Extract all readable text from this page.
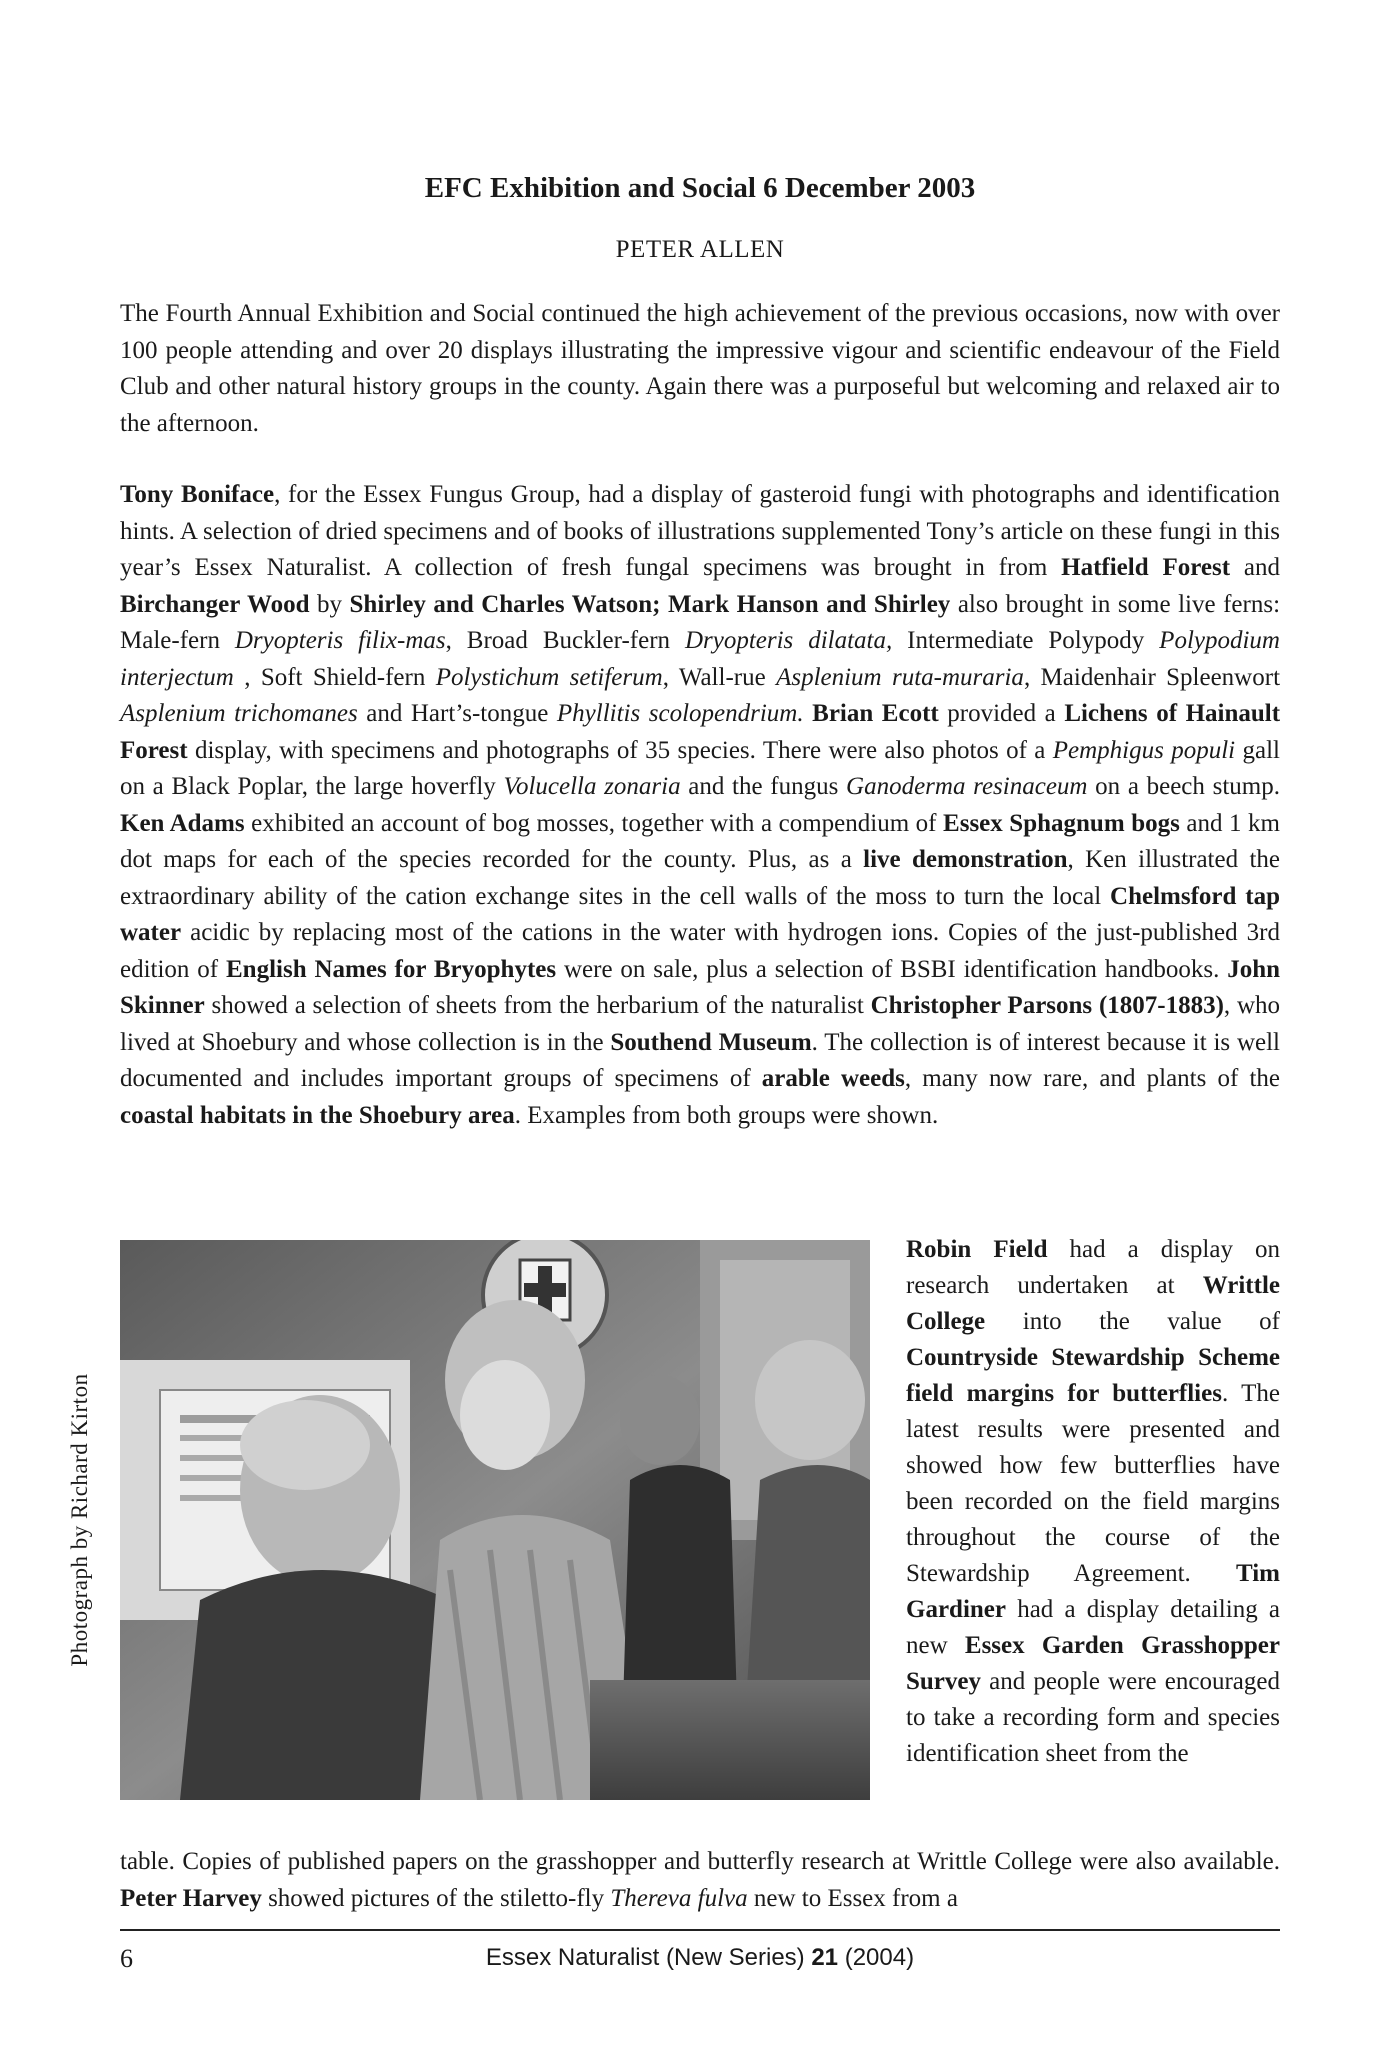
EFC Exhibition and Social 6 December 2003
PETER ALLEN

The Fourth Annual Exhibition and Social continued the high achievement of the previous occasions, now with over 100 people attending and over 20 displays illustrating the impressive vigour and scientific endeavour of the Field Club and other natural history groups in the county. Again there was a purposeful but welcoming and relaxed air to the afternoon.

Tony Boniface, for the Essex Fungus Group, had a display of gasteroid fungi with photographs and identification hints. A selection of dried specimens and of books of illustrations supplemented Tony’s article on these fungi in this year’s Essex Naturalist. A collection of fresh fungal specimens was brought in from Hatfield Forest and Birchanger Wood by Shirley and Charles Watson; Mark Hanson and Shirley also brought in some live ferns: Male-fern Dryopteris filix-mas, Broad Buckler-fern Dryopteris dilatata, Intermediate Polypody Polypodium interjectum , Soft Shield-fern Polystichum setiferum, Wall-rue Asplenium ruta-muraria, Maidenhair Spleenwort Asplenium trichomanes and Hart’s-tongue Phyllitis scolopendrium. Brian Ecott provided a Lichens of Hainault Forest display, with specimens and photographs of 35 species. There were also photos of a Pemphigus populi gall on a Black Poplar, the large hoverfly Volucella zonaria and the fungus Ganoderma resinaceum on a beech stump. Ken Adams exhibited an account of bog mosses, together with a compendium of Essex Sphagnum bogs and 1 km dot maps for each of the species recorded for the county. Plus, as a live demonstration, Ken illustrated the extraordinary ability of the cation exchange sites in the cell walls of the moss to turn the local Chelmsford tap water acidic by replacing most of the cations in the water with hydrogen ions. Copies of the just-published 3rd edition of English Names for Bryophytes were on sale, plus a selection of BSBI identification handbooks. John Skinner showed a selection of sheets from the herbarium of the naturalist Christopher Parsons (1807-1883), who lived at Shoebury and whose collection is in the Southend Museum. The collection is of interest because it is well documented and includes important groups of specimens of arable weeds, many now rare, and plants of the coastal habitats in the Shoebury area. Examples from both groups were shown.

Photograph by Richard Kirton

Robin Field had a display on research undertaken at Writtle College into the value of Countryside Stewardship Scheme field margins for butterflies. The latest results were presented and showed how few butterflies have been recorded on the field margins throughout the course of the Stewardship Agreement. Tim Gardiner had a display detailing a new Essex Garden Grasshopper Survey and people were encouraged to take a recording form and species identification sheet from the

table. Copies of published papers on the grasshopper and butterfly research at Writtle College were also available. Peter Harvey showed pictures of the stiletto-fly Thereva fulva new to Essex from a

6	Essex Naturalist (New Series) 21 (2004)
